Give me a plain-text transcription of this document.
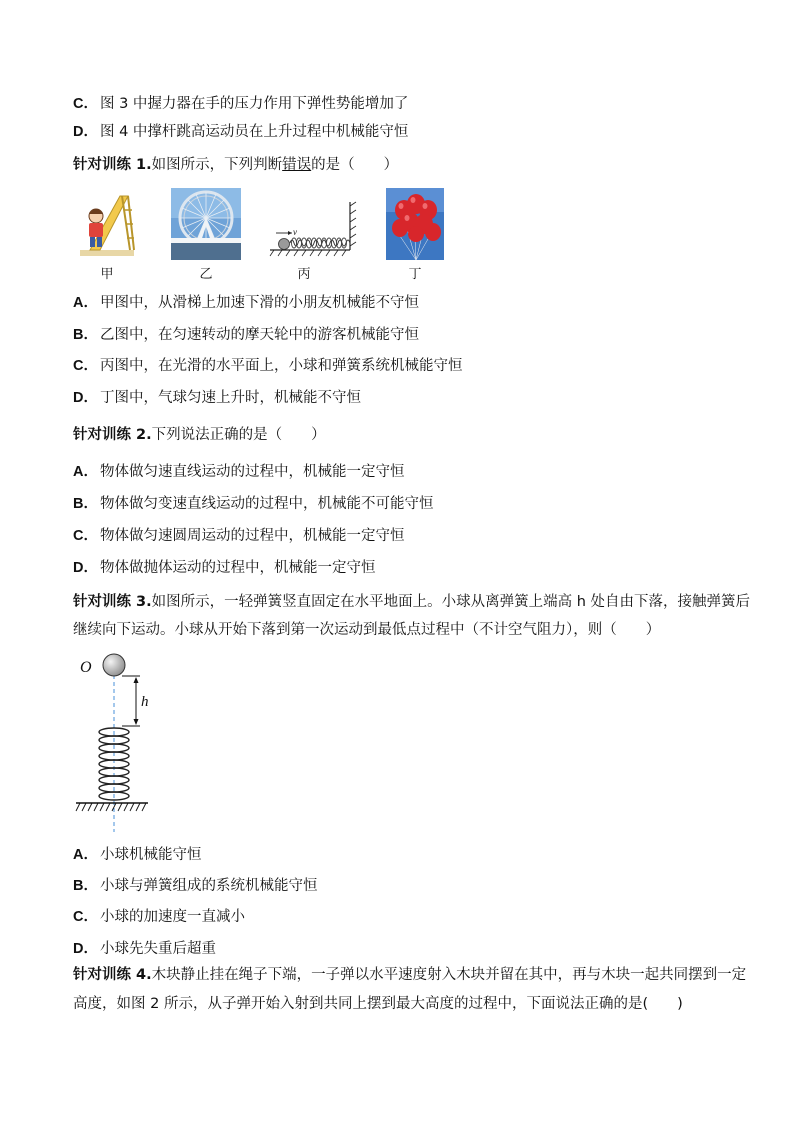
C． 图 3 中握力器在手的压力作用下弹性势能增加了
D． 图 4 中撑杆跳高运动员在上升过程中机械能守恒
针对训练 1.如图所示，下列判断错误的是（　　）
甲	乙
v
丙	丁
A． 甲图中，从滑梯上加速下滑的小朋友机械能不守恒
B． 乙图中，在匀速转动的摩天轮中的游客机械能守恒
C． 丙图中，在光滑的水平面上，小球和弹簧系统机械能守恒
D． 丁图中，气球匀速上升时，机械能不守恒
针对训练 2.下列说法正确的是（　　）
A． 物体做匀速直线运动的过程中，机械能一定守恒
B． 物体做匀变速直线运动的过程中，机械能不可能守恒
C． 物体做匀速圆周运动的过程中，机械能一定守恒
D． 物体做抛体运动的过程中，机械能一定守恒
针对训练 3.如图所示，一轻弹簧竖直固定在水平地面上。小球从离弹簧上端高 h 处自由下落，接触弹簧后
继续向下运动。小球从开始下落到第一次运动到最低点过程中（不计空气阻力），则（　　）
O
h
A． 小球机械能守恒
B． 小球与弹簧组成的系统机械能守恒
C． 小球的加速度一直减小
D． 小球先失重后超重
针对训练 4.木块静止挂在绳子下端，一子弹以水平速度射入木块并留在其中，再与木块一起共同摆到一定
高度，如图 2 所示，从子弹开始入射到共同上摆到最大高度的过程中，下面说法正确的是(　　)
